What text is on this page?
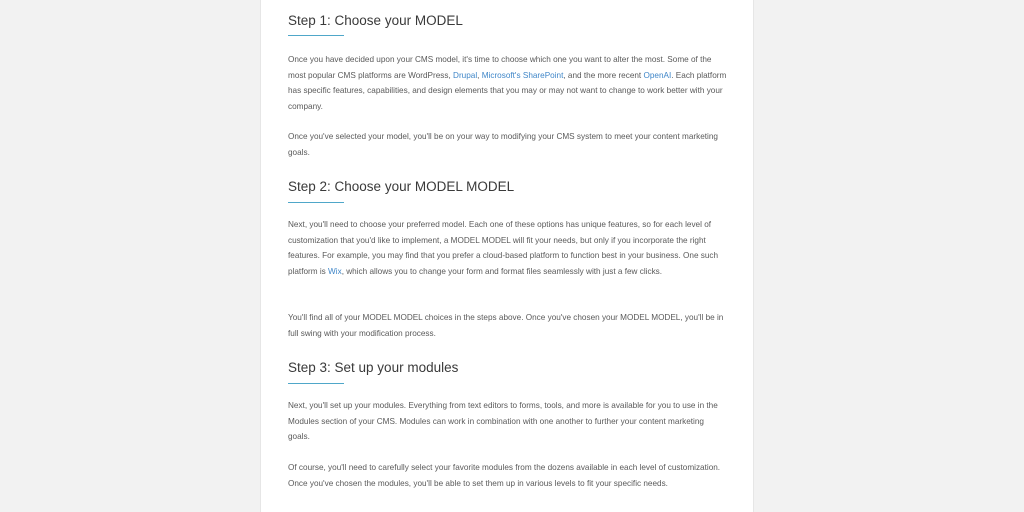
Step 1: Choose your MODEL

Once you have decided upon your CMS model, it's time to choose which one you want to alter the most. Some of the most popular CMS platforms are WordPress, Drupal, Microsoft's SharePoint, and the more recent OpenAI. Each platform has specific features, capabilities, and design elements that you may or may not want to change to work better with your company.

Once you've selected your model, you'll be on your way to modifying your CMS system to meet your content marketing goals.

Step 2: Choose your MODEL MODEL

Next, you'll need to choose your preferred model. Each one of these options has unique features, so for each level of customization that you'd like to implement, a MODEL MODEL will fit your needs, but only if you incorporate the right features. For example, you may find that you prefer a cloud-based platform to function best in your business. One such platform is Wix, which allows you to change your form and format files seamlessly with just a few clicks.

You'll find all of your MODEL MODEL choices in the steps above. Once you've chosen your MODEL MODEL, you'll be in full swing with your modification process.

Step 3: Set up your modules

Next, you'll set up your modules. Everything from text editors to forms, tools, and more is available for you to use in the Modules section of your CMS. Modules can work in combination with one another to further your content marketing goals.

Of course, you'll need to carefully select your favorite modules from the dozens available in each level of customization. Once you've chosen the modules, you'll be able to set them up in various levels to fit your specific needs.
